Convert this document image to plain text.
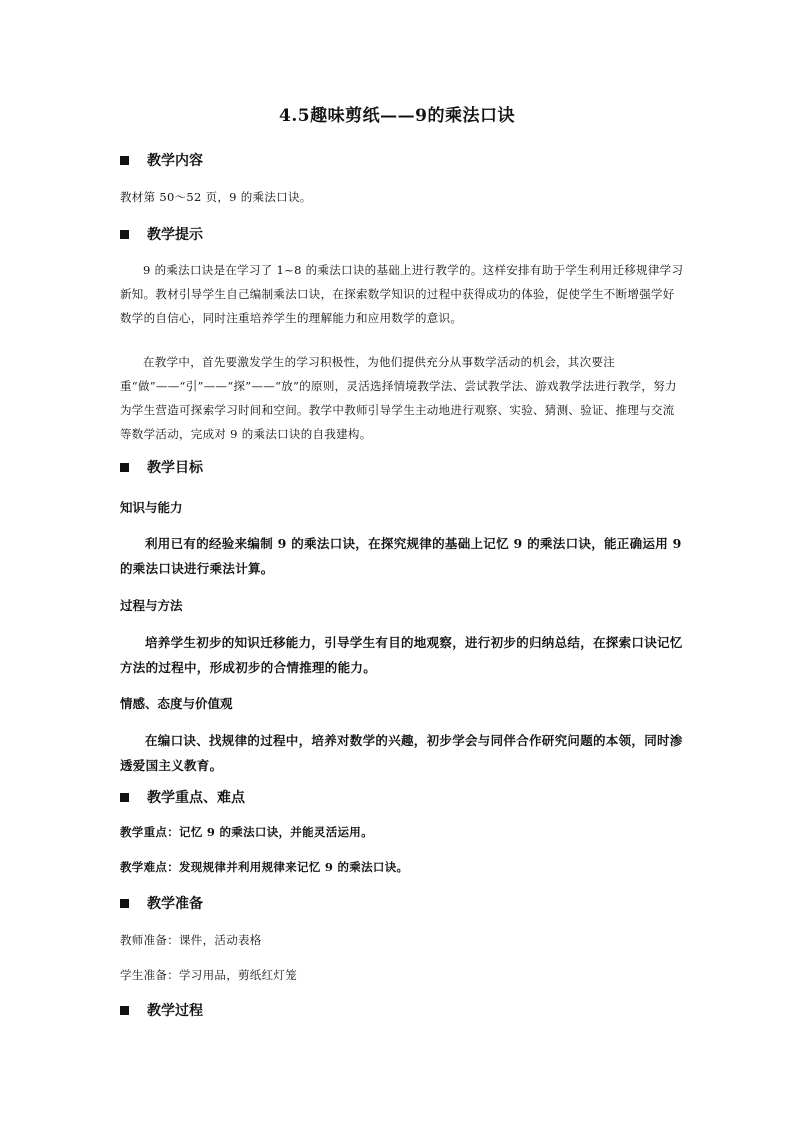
4.5趣味剪纸——9的乘法口诀
教学内容
教材第 50～52 页，9 的乘法口诀。
教学提示
9 的乘法口诀是在学习了 1~8 的乘法口诀的基础上进行教学的。这样安排有助于学生利用迁移规律学习新知。教材引导学生自己编制乘法口诀，在探索数学知识的过程中获得成功的体验，促使学生不断增强学好数学的自信心，同时注重培养学生的理解能力和应用数学的意识。
在教学中，首先要激发学生的学习积极性，为他们提供充分从事数学活动的机会，其次要注重“做”——“引”——“探”——“放”的原则，灵活选择情境教学法、尝试教学法、游戏教学法进行教学，努力为学生营造可探索学习时间和空间。教学中教师引导学生主动地进行观察、实验、猜测、验证、推理与交流等数学活动，完成对 9 的乘法口诀的自我建构。
教学目标
知识与能力
利用已有的经验来编制 9 的乘法口诀，在探究规律的基础上记忆 9 的乘法口诀，能正确运用 9 的乘法口诀进行乘法计算。
过程与方法
培养学生初步的知识迁移能力，引导学生有目的地观察，进行初步的归纳总结，在探索口诀记忆方法的过程中，形成初步的合情推理的能力。
情感、态度与价值观
在编口诀、找规律的过程中，培养对数学的兴趣，初步学会与同伴合作研究问题的本领，同时渗透爱国主义教育。
教学重点、难点
教学重点：记忆 9 的乘法口诀，并能灵活运用。
教学难点：发现规律并利用规律来记忆 9 的乘法口诀。
教学准备
教师准备：课件，活动表格
学生准备：学习用品，剪纸红灯笼
教学过程
